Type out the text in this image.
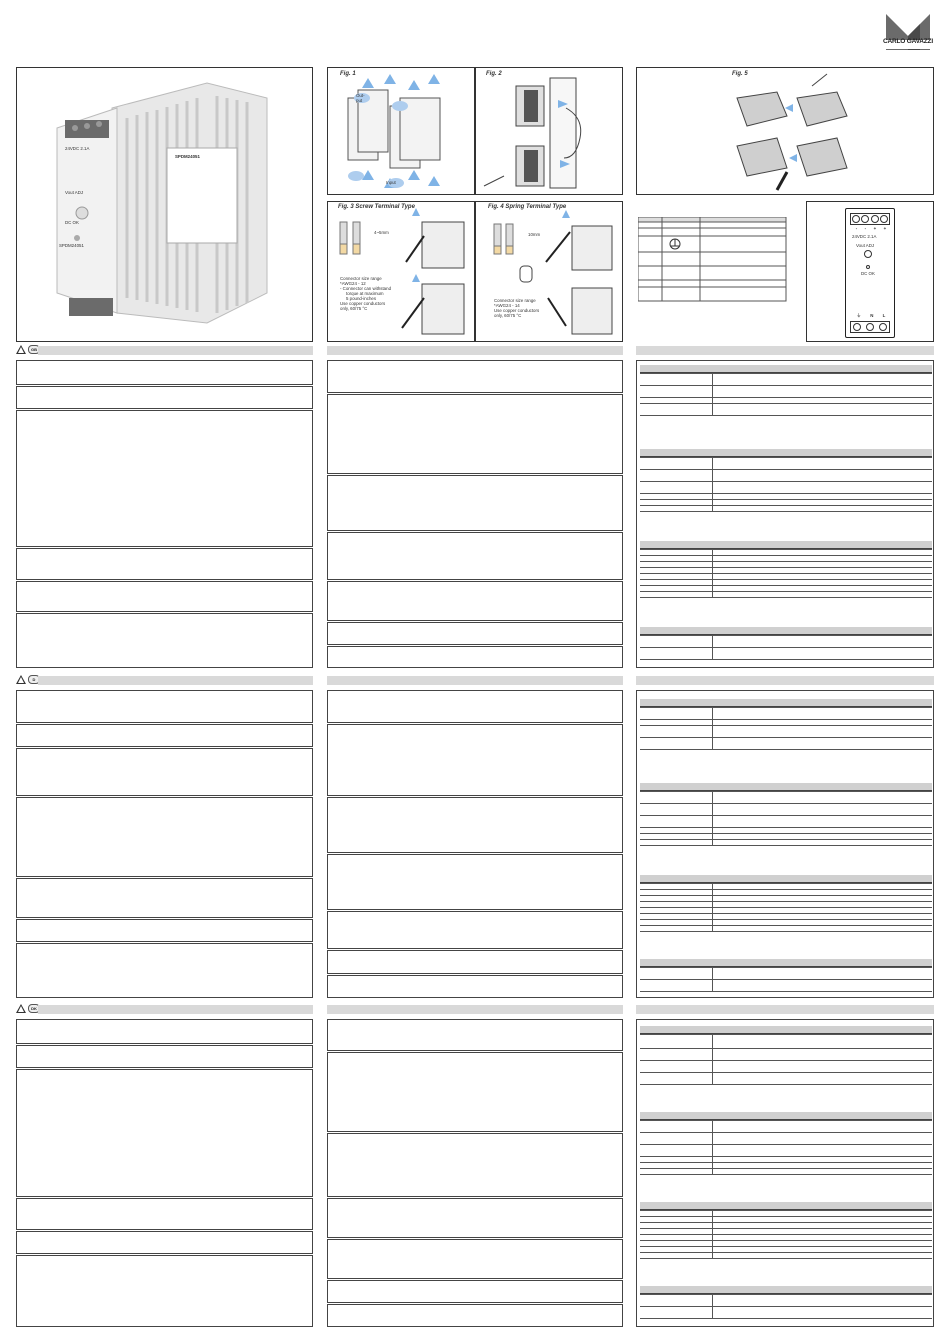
CARLO GAVAZZI
24VDC 2.1A
Vout ADJ
DC OK
SPDM24051
SPDM24051
Fig. 1
Out-put
Input
Fig. 2
Fig. 3 Screw Terminal Type
4~5mm
Connector size range
*AWG24 - 12
- Connector can withstand
torque at maximum
5 pound-inches
Use copper conductors
only, 60/75 °C
Fig. 4 Spring Terminal Type
10mm
Connector size range
*AWG24 - 14
Use copper conductors
only, 60/75 °C
Fig. 5
- - + +
24VDC 2.1A
Vout ADJ
DC OK
⏚ N L
GB
D
DK
